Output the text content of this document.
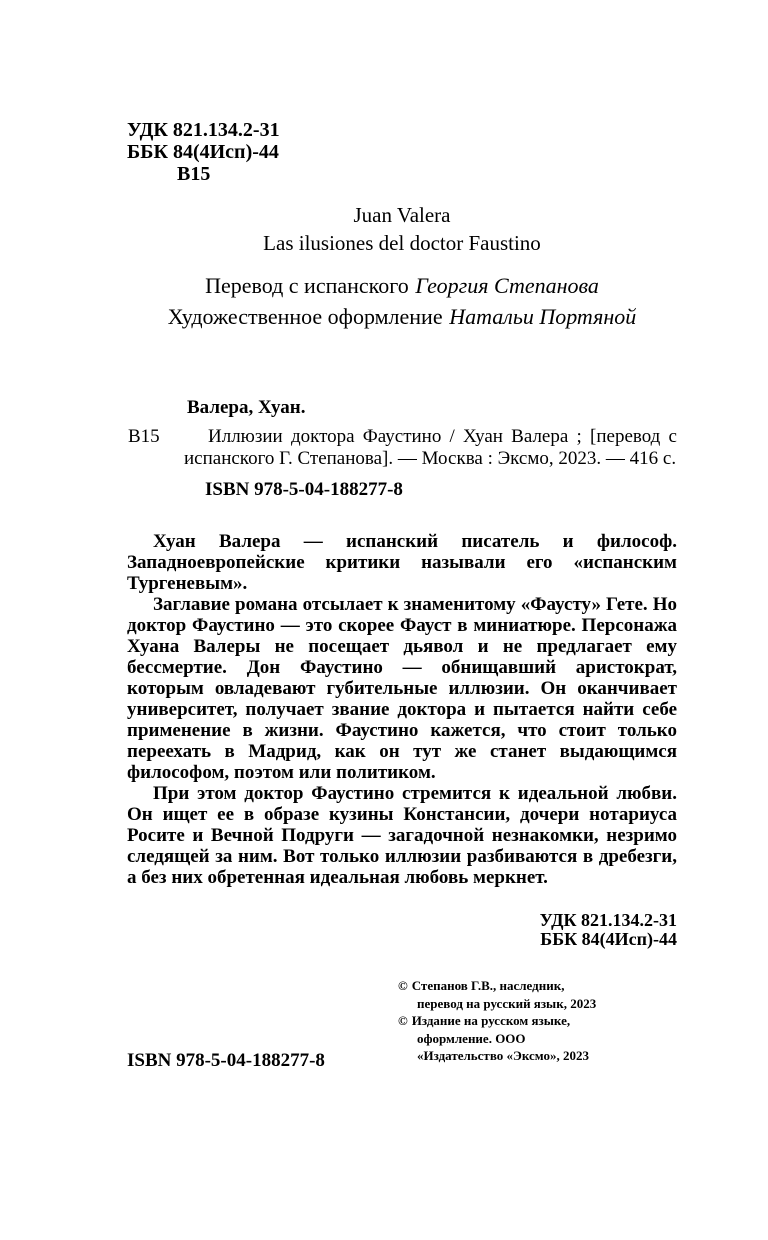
УДК 821.134.2-31
ББК 84(4Исп)-44
В15
Juan Valera
Las ilusiones del doctor Faustino
Перевод с испанского Георгия Степанова
Художественное оформление Натальи Портяной
Валера, Хуан.
В15	Иллюзии доктора Фаустино / Хуан Валера ; [перевод с испанского Г. Степанова]. — Москва : Эксмо, 2023. — 416 с.

ISBN 978-5-04-188277-8

Хуан Валера — испанский писатель и философ. Западноевропейские критики называли его «испанским Тургеневым».

Заглавие романа отсылает к знаменитому «Фаусту» Гете. Но доктор Фаустино — это скорее Фауст в миниатюре. Персонажа Хуана Валеры не посещает дьявол и не предлагает ему бессмертие. Дон Фаустино — обнищавший аристократ, которым овладевают губительные иллюзии. Он оканчивает университет, получает звание доктора и пытается найти себе применение в жизни. Фаустино кажется, что стоит только переехать в Мадрид, как он тут же станет выдающимся философом, поэтом или политиком.

При этом доктор Фаустино стремится к идеальной любви. Он ищет ее в образе кузины Констансии, дочери нотариуса Росите и Вечной Подруги — загадочной незнакомки, незримо следящей за ним. Вот только иллюзии разбиваются в дребезги, а без них обретенная идеальная любовь меркнет.

УДК 821.134.2-31
ББК 84(4Исп)-44
© Степанов Г.В., наследник, перевод на русский язык, 2023
© Издание на русском языке, оформление. ООО «Издательство «Эксмо», 2023
ISBN 978-5-04-188277-8
